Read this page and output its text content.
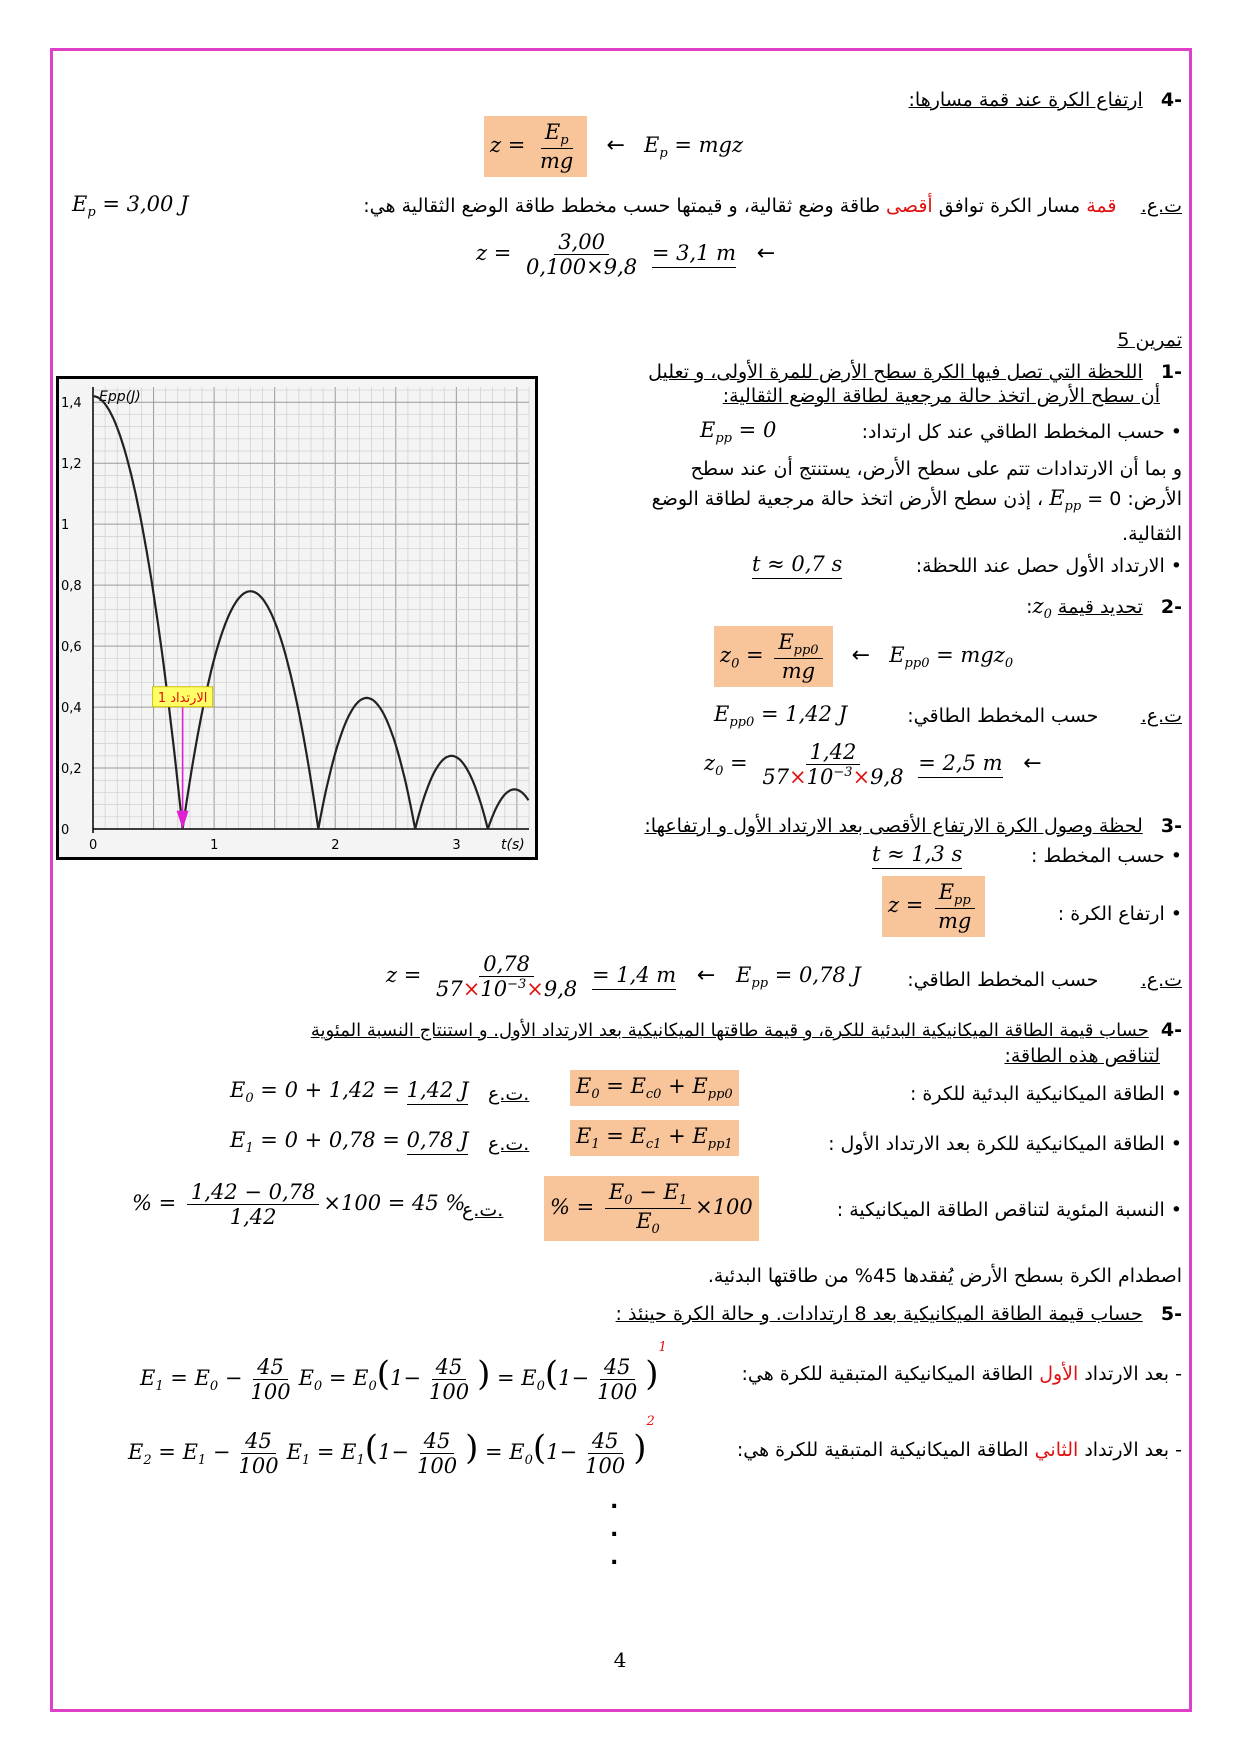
-4   ارتفاع الكرة عند قمة مسارها:
$z = \frac{E_p}{mg}$ ← $E_p$ = mgz
ت.ع.    قمة مسار الكرة توافق أقصى طاقة وضع ثقالية، و قيمتها حسب مخطط طاقة الوضع الثقالية هي:
$E_p = 3,00$ J
$z = \frac{3,00}{0,100\times 9,8} = 3,1$ m ←
تمرين 5
-1   اللحظة التي تصل فيها الكرة سطح الأرض للمرة الأولى، و تعليل
أن سطح الأرض اتخذ حالة مرجعية لطاقة الوضع الثقالية:
• حسب المخطط الطاقي عند كل ارتداد:
$E_{pp} = 0$
و بما أن الارتدادات تتم على سطح الأرض، يستنتج أن عند سطح
الأرض: $0 = E_{pp}$ ، إذن سطح الأرض اتخذ حالة مرجعية لطاقة الوضع
الثقالية.
• الارتداد الأول حصل عند اللحظة:
t ≈ 0,7 s
-2   تحديد قيمة $z_0$:
$z_0 = \frac{E_{pp0}}{mg}$ ← $E_{pp0} = mgz_0$
ت.ع.       حسب المخطط الطاقي:
$E_{pp0} = 1,42$ J
$z_0 = \frac{1,42}{57\times 10^{-3}\times 9,8} = 2,5$ m ←
-3   لحظة وصول الكرة الارتفاع الأقصى بعد الارتداد الأول و ارتفاعها:
• حسب المخطط :
t ≈ 1,3 s
• ارتفاع الكرة :
$z = \frac{E_{pp}}{mg}$
ت.ع.       حسب المخطط الطاقي:
$z = \frac{0,78}{57\times 10^{-3}\times 9,8} = 1,4$ m ← $E_{pp} = 0,78$ J
-4  حساب قيمة الطاقة الميكانيكية البدئية للكرة، و قيمة طاقتها الميكانيكية بعد الارتداد الأول. و استنتاج النسبة المئوية
لتناقص هذه الطاقة:
• الطاقة الميكانيكية البدئية للكرة :
$E_0 = E_{c0} + E_{pp0}$
ت.ع.
$E_0 = 0 + 1,42 = 1,42$ J
• الطاقة الميكانيكية للكرة بعد الارتداد الأول :
$E_1 = E_{c1} + E_{pp1}$
ت.ع.
$E_1 = 0 + 0,78 = 0,78$ J
• النسبة المئوية لتناقص الطاقة الميكانيكية :
% = $\frac{E_0 - E_1}{E_0} \times 100$
ت.ع.
% = $\frac{1,42 - 0,78}{1,42} \times 100 = 45$ %
اصطدام الكرة بسطح الأرض يُفقدها 45% من طاقتها البدئية.
-5   حساب قيمة الطاقة الميكانيكية بعد 8 ارتدادات. و حالة الكرة حينئذ :
- بعد الارتداد الأول الطاقة الميكانيكية المتبقية للكرة هي:
$E_1 = E_0 - \frac{45}{100} E_0 = E_0(1- \frac{45}{100}$ ) = $E_0(1- \frac{45}{100} )^1$
- بعد الارتداد الثاني الطاقة الميكانيكية المتبقية للكرة هي:
$E_2 = E_1 - \frac{45}{100} E_1 = E_1(1- \frac{45}{100}$ ) = $E_0(1- \frac{45}{100} )^2$
.
.
.
0
0,2
0,4
0,6
0,8
1
1,2
1,4
0	1	2	3
Epp(J)
t(s)
الارتداد 1
4
